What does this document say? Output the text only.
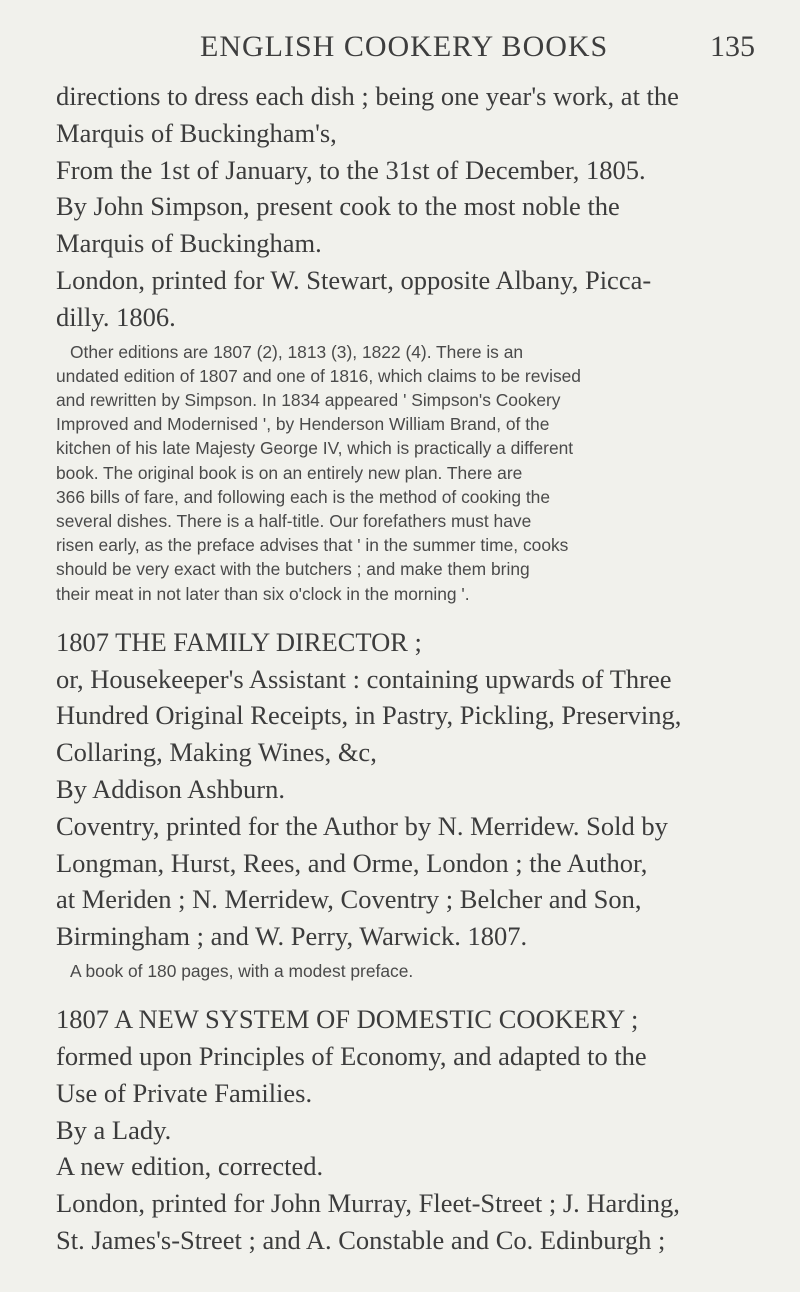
ENGLISH COOKERY BOOKS	135
directions to dress each dish ; being one year's work, at the
Marquis of Buckingham's,
From the 1st of January, to the 31st of December, 1805.
By John Simpson, present cook to the most noble the
Marquis of Buckingham.
London, printed for W. Stewart, opposite Albany, Picca-
dilly. 1806.
Other editions are 1807 (2), 1813 (3), 1822 (4). There is an
undated edition of 1807 and one of 1816, which claims to be revised
and rewritten by Simpson. In 1834 appeared ' Simpson's Cookery
Improved and Modernised ', by Henderson William Brand, of the
kitchen of his late Majesty George IV, which is practically a different
book. The original book is on an entirely new plan. There are
366 bills of fare, and following each is the method of cooking the
several dishes. There is a half-title. Our forefathers must have
risen early, as the preface advises that ' in the summer time, cooks
should be very exact with the butchers ; and make them bring
their meat in not later than six o'clock in the morning '.
1807 THE FAMILY DIRECTOR ;
or, Housekeeper's Assistant : containing upwards of Three
Hundred Original Receipts, in Pastry, Pickling, Preserving,
Collaring, Making Wines, &c,
By Addison Ashburn.
Coventry, printed for the Author by N. Merridew. Sold by
Longman, Hurst, Rees, and Orme, London ; the Author,
at Meriden ; N. Merridew, Coventry ; Belcher and Son,
Birmingham ; and W. Perry, Warwick. 1807.
A book of 180 pages, with a modest preface.
1807 A NEW SYSTEM OF DOMESTIC COOKERY ;
formed upon Principles of Economy, and adapted to the
Use of Private Families.
By a Lady.
A new edition, corrected.
London, printed for John Murray, Fleet-Street ; J. Harding,
St. James's-Street ; and A. Constable and Co. Edinburgh ;
